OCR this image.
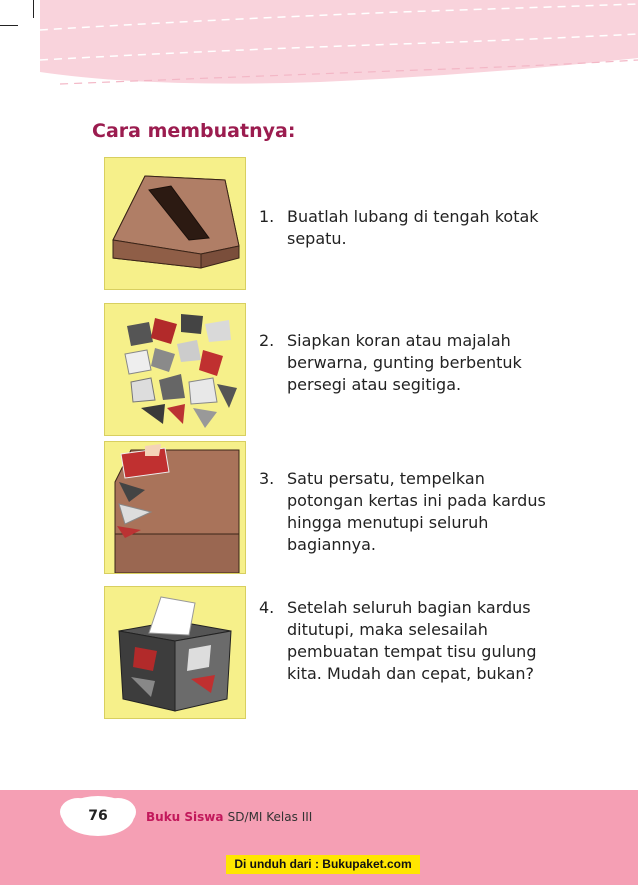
Cara membuatnya:
1. Buatlah lubang di tengah kotak sepatu.
2. Siapkan koran atau majalah berwarna, gunting berbentuk persegi atau segitiga.
3. Satu persatu, tempelkan potongan kertas ini pada kardus hingga menutupi seluruh bagiannya.
4. Setelah seluruh bagian kardus ditutupi, maka selesailah pembuatan tempat tisu gulung kita. Mudah dan cepat, bukan?
76	Buku Siswa SD/MI Kelas III
Di unduh dari : Bukupaket.com
